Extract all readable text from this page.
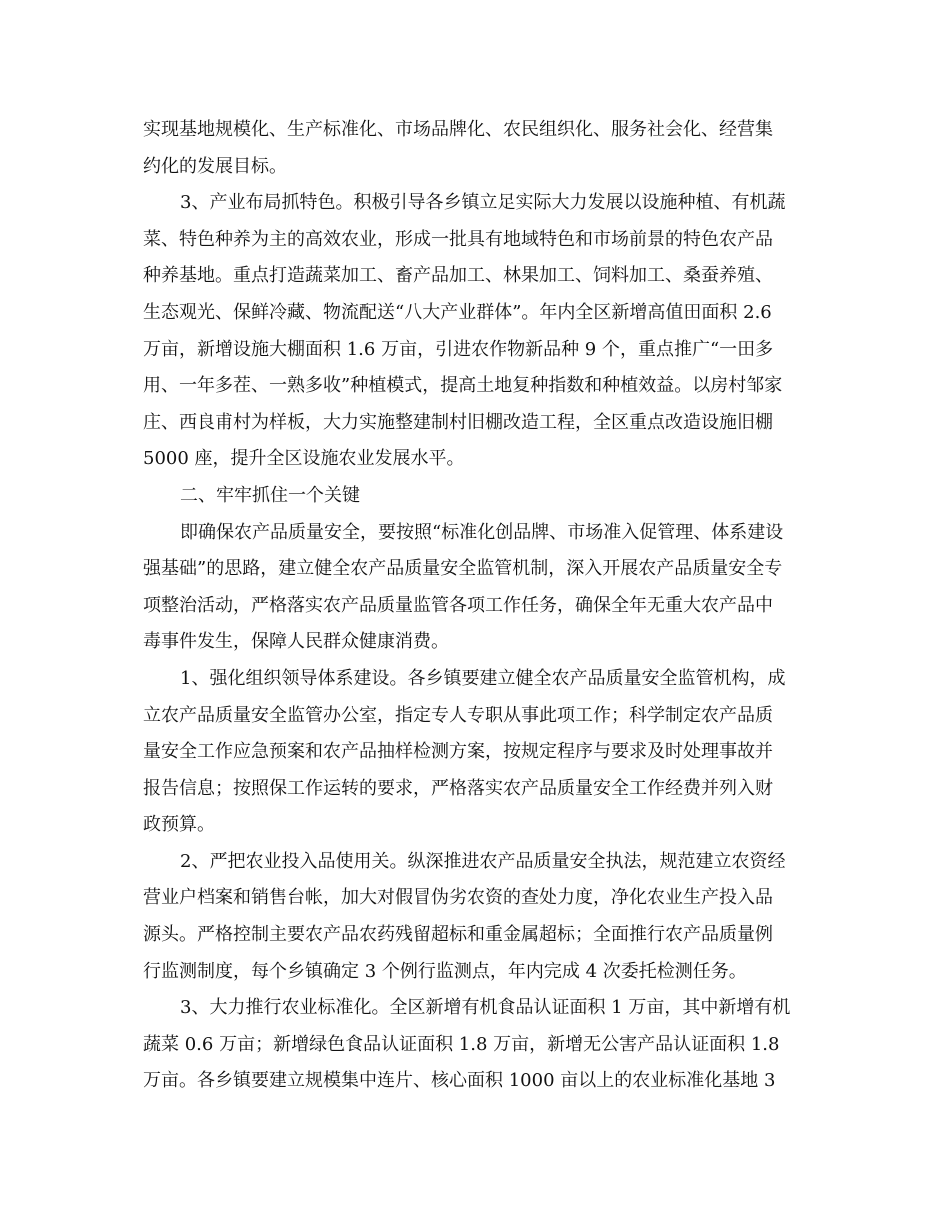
实现基地规模化、生产标准化、市场品牌化、农民组织化、服务社会化、经营集
约化的发展目标。
3、产业布局抓特色。积极引导各乡镇立足实际大力发展以设施种植、有机蔬
菜、特色种养为主的高效农业，形成一批具有地域特色和市场前景的特色农产品
种养基地。重点打造蔬菜加工、畜产品加工、林果加工、饲料加工、桑蚕养殖、
生态观光、保鲜冷藏、物流配送“八大产业群体”。年内全区新增高值田面积 2.6
万亩，新增设施大棚面积 1.6 万亩，引进农作物新品种 9 个，重点推广“一田多
用、一年多茬、一熟多收”种植模式，提高土地复种指数和种植效益。以房村邹家
庄、西良甫村为样板，大力实施整建制村旧棚改造工程，全区重点改造设施旧棚
5000 座，提升全区设施农业发展水平。
二、牢牢抓住一个关键
即确保农产品质量安全，要按照“标准化创品牌、市场准入促管理、体系建设
强基础”的思路，建立健全农产品质量安全监管机制，深入开展农产品质量安全专
项整治活动，严格落实农产品质量监管各项工作任务，确保全年无重大农产品中
毒事件发生，保障人民群众健康消费。
1、强化组织领导体系建设。各乡镇要建立健全农产品质量安全监管机构，成
立农产品质量安全监管办公室，指定专人专职从事此项工作；科学制定农产品质
量安全工作应急预案和农产品抽样检测方案，按规定程序与要求及时处理事故并
报告信息；按照保工作运转的要求，严格落实农产品质量安全工作经费并列入财
政预算。
2、严把农业投入品使用关。纵深推进农产品质量安全执法，规范建立农资经
营业户档案和销售台帐，加大对假冒伪劣农资的查处力度，净化农业生产投入品
源头。严格控制主要农产品农药残留超标和重金属超标；全面推行农产品质量例
行监测制度，每个乡镇确定 3 个例行监测点，年内完成 4 次委托检测任务。
3、大力推行农业标准化。全区新增有机食品认证面积 1 万亩，其中新增有机
蔬菜 0.6 万亩；新增绿色食品认证面积 1.8 万亩，新增无公害产品认证面积 1.8
万亩。各乡镇要建立规模集中连片、核心面积 1000 亩以上的农业标准化基地 3
